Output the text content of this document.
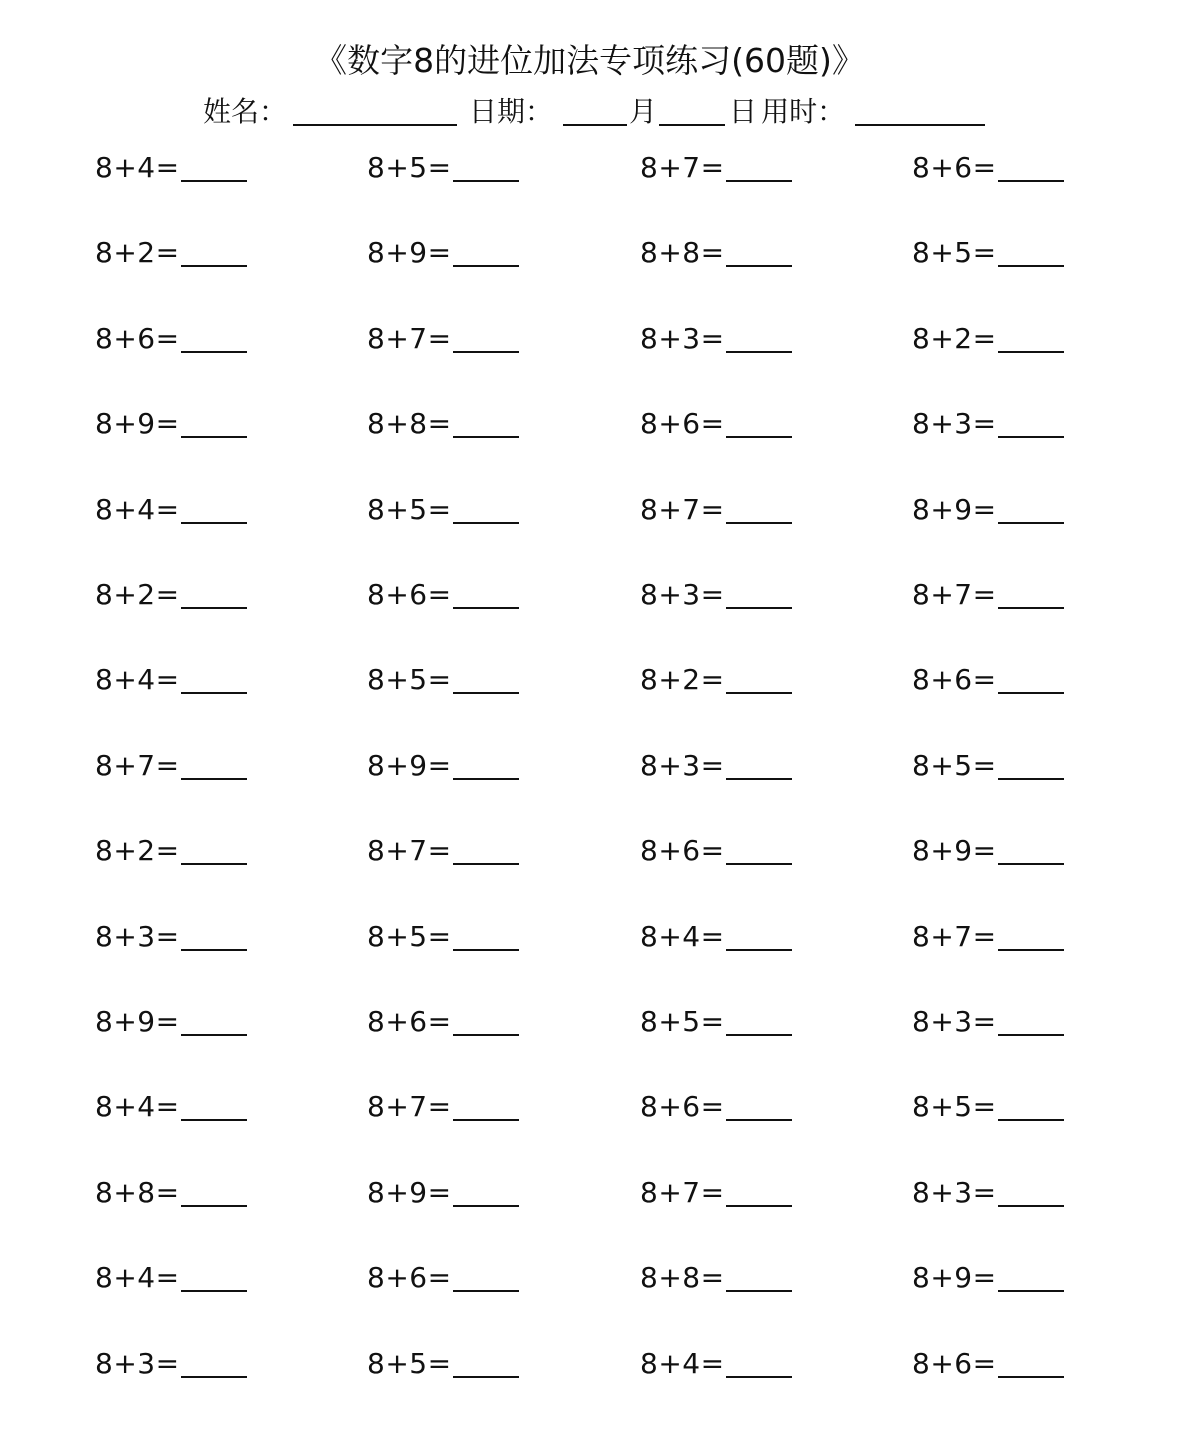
《数字8的进位加法专项练习(60题)》
姓名：	日期：	月	日 用时：
8+4=	8+5=	8+7=	8+6=
8+2=	8+9=	8+8=	8+5=
8+6=	8+7=	8+3=	8+2=
8+9=	8+8=	8+6=	8+3=
8+4=	8+5=	8+7=	8+9=
8+2=	8+6=	8+3=	8+7=
8+4=	8+5=	8+2=	8+6=
8+7=	8+9=	8+3=	8+5=
8+2=	8+7=	8+6=	8+9=
8+3=	8+5=	8+4=	8+7=
8+9=	8+6=	8+5=	8+3=
8+4=	8+7=	8+6=	8+5=
8+8=	8+9=	8+7=	8+3=
8+4=	8+6=	8+8=	8+9=
8+3=	8+5=	8+4=	8+6=
